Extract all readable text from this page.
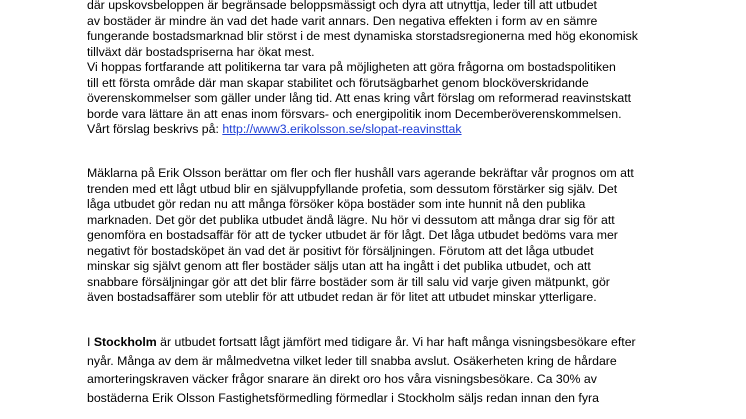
där upskovsbeloppen är begränsade beloppsmässigt och dyra att utnyttja, leder till att utbudet
av bostäder är mindre än vad det hade varit annars. Den negativa effekten i form av en sämre
fungerande bostadsmarknad blir störst i de mest dynamiska storstadsregionerna med hög ekonomisk
tillväxt där bostadspriserna har ökat mest.
Vi hoppas fortfarande att politikerna tar vara på möjligheten att göra frågorna om bostadspolitiken
till ett första område där man skapar stabilitet och förutsägbarhet genom blocköverskridande
överenskommelser som gäller under lång tid. Att enas kring vårt förslag om reformerad reavinstskatt
borde vara lättare än att enas inom försvars- och energipolitik inom Decemberöverenskommelsen.
Vårt förslag beskrivs på: http://www3.erikolsson.se/slopat-reavinsttak
Mäklarna på Erik Olsson berättar om fler och fler hushåll vars agerande bekräftar vår prognos om att
trenden med ett lågt utbud blir en självuppfyllande profetia, som dessutom förstärker sig själv. Det
låga utbudet gör redan nu att många försöker köpa bostäder som inte hunnit nå den publika
marknaden. Det gör det publika utbudet ändå lägre. Nu hör vi dessutom att många drar sig för att
genomföra en bostadsaffär för att de tycker utbudet är för lågt. Det låga utbudet bedöms vara mer
negativt för bostadsköpet än vad det är positivt för försäljningen. Förutom att det låga utbudet
minskar sig självt genom att fler bostäder säljs utan att ha ingått i det publika utbudet, och att
snabbare försäljningar gör att det blir färre bostäder som är till salu vid varje given mätpunkt, gör
även bostadsaffärer som uteblir för att utbudet redan är för litet att utbudet minskar ytterligare.
I Stockholm är utbudet fortsatt lågt jämfört med tidigare år. Vi har haft många visningsbesökare efter
nyår. Många av dem är målmedvetna vilket leder till snabba avslut. Osäkerheten kring de hårdare
amorteringskraven väcker frågor snarare än direkt oro hos våra visningsbesökare. Ca 30% av
bostäderna Erik Olsson Fastighetsförmedling förmedlar i Stockholm säljs redan innan den fyra
